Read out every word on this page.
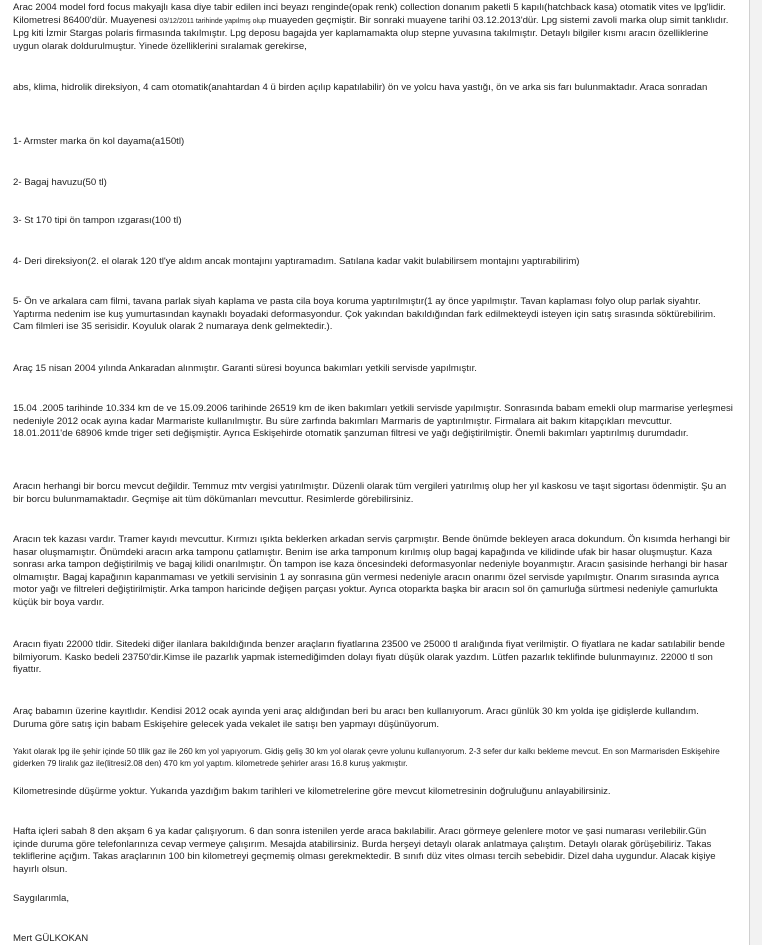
Arac 2004 model ford focus makyajlı kasa diye tabir edilen inci beyazı renginde(opak renk) collection donanım paketli 5 kapılı(hatchback kasa) otomatik vites ve lpg'lidir. Kilometresi 86400'dür. Muayenesi 03/12/2011 tarihinde yapılmış olup muayeden geçmiştir. Bir sonraki muayene tarihi 03.12.2013'dür. Lpg sistemi zavoli marka olup simit tanklıdır. Lpg kiti İzmir Stargas polaris firmasında takılmıştır. Lpg deposu bagajda yer kaplamamakta olup stepne yuvasına takılmıştır. Detaylı bilgiler kısmı aracın özelliklerine uygun olarak doldurulmuştur. Yinede özelliklerini sıralamak gerekirse,

abs, klima, hidrolik direksiyon, 4 cam otomatik(anahtardan 4 ü birden açılıp kapatılabilir) ön ve yolcu hava yastığı, ön ve arka sis farı bulunmaktadır. Araca sonradan

1- Armster marka ön kol dayama(a150tl)

2- Bagaj havuzu(50 tl)

3- St 170 tipi ön tampon ızgarası(100 tl)

4- Deri direksiyon(2. el olarak 120 tl'ye aldım ancak montajını yaptıramadım. Satılana kadar vakit bulabilirsem montajını yaptırabilirim)

5- Ön ve arkalara cam filmi, tavana parlak siyah kaplama ve pasta cila boya koruma yaptırılmıştır(1 ay önce yapılmıştır. Tavan kaplaması folyo olup parlak siyahtır. Yaptırma nedenim ise kuş yumurtasından kaynaklı boyadaki deformasyondur. Çok yakından bakıldığından fark edilmekteydi isteyen için satış sırasında söktürebilirim. Cam filmleri ise 35 serisidir. Koyuluk olarak 2 numaraya denk gelmektedir.).

Araç 15 nisan 2004 yılında Ankaradan alınmıştır. Garanti süresi boyunca bakımları yetkili servisde yapılmıştır.

15.04 .2005 tarihinde 10.334 km de ve 15.09.2006 tarihinde 26519 km de iken bakımları yetkili servisde yapılmıştır. Sonrasında babam emekli olup marmarise yerleşmesi nedeniyle 2012 ocak ayına kadar Marmariste kullanılmıştır. Bu süre zarfında bakımları Marmaris de yaptırılmıştır. Firmalara ait bakım kitapçıkları mevcuttur. 18.01.2011'de 68906 kmde triger seti değişmiştir. Ayrıca Eskişehirde otomatik şanzuman filtresi ve yağı değiştirilmiştir. Önemli bakımları yaptırılmış durumdadır.

Aracın herhangi bir borcu mevcut değildir. Temmuz mtv vergisi yatırılmıştır. Düzenli olarak tüm vergileri yatırılmış olup her yıl kaskosu ve taşıt sigortası ödenmiştir. Şu an bir borcu bulunmamaktadır. Geçmişe ait tüm dökümanları mevcuttur. Resimlerde görebilirsiniz.

Aracın tek kazası vardır. Tramer kayıdı mevcuttur. Kırmızı ışıkta beklerken arkadan servis çarpmıştır. Bende önümde bekleyen araca dokundum. Ön kısımda herhangi bir hasar oluşmamıştır. Önümdeki aracın arka tamponu çatlamıştır. Benim ise arka tamponum kırılmış olup bagaj kapağında ve kilidinde ufak bir hasar oluşmuştur. Kaza sonrası arka tampon değiştirilmiş ve bagaj kilidi onarılmıştır. Ön tampon ise kaza öncesindeki deformasyonlar nedeniyle boyanmıştır. Aracın şasisinde herhangi bir hasar olmamıştır. Bagaj kapağının kapanmaması ve yetkili servisinin 1 ay sonrasına gün vermesi nedeniyle aracın onarımı özel servisde yapılmıştır. Onarım sırasında ayrıca motor yağı ve filtreleri değiştirilmiştir. Arka tampon haricinde değişen parçası yoktur. Ayrıca otoparkta başka bir aracın sol ön çamurluğa sürtmesi nedeniyle çamurlukta küçük bir boya vardır.

Aracın fiyatı 22000 tldir. Sitedeki diğer ilanlara bakıldığında benzer araçların fiyatlarına 23500 ve 25000 tl aralığında fiyat verilmiştir. O fiyatlara ne kadar satılabilir bende bilmiyorum. Kasko bedeli 23750'dir.Kimse ile pazarlık yapmak istemediğimden dolayı fiyatı düşük olarak yazdım. Lütfen pazarlık teklifinde bulunmayınız. 22000 tl son fiyattır.

Araç babamın üzerine kayıtlıdır. Kendisi 2012 ocak ayında yeni araç aldığından beri bu aracı ben kullanıyorum. Aracı günlük 30 km yolda işe gidişlerde kullandım. Duruma göre satış için babam Eskişehire gelecek yada vekalet ile satışı ben yapmayı düşünüyorum.

Yakıt olarak lpg ile şehir içinde 50 tllik gaz ile 260 km yol yapıyorum. Gidiş geliş 30 km yol olarak çevre yolunu kullanıyorum. 2-3 sefer dur kalkı bekleme mevcut. En son Marmarisden Eskişehire giderken 79 liralık gaz ile(litresi2.08 den) 470 km yol yaptım. kilometrede şehirler arası 16.8 kuruş yakmıştır.

Kilometresinde düşürme yoktur. Yukarıda yazdığım bakım tarihleri ve kilometrelerine göre mevcut kilometresinin doğruluğunu anlayabilirsiniz.

Hafta içleri sabah 8 den akşam 6 ya kadar çalışıyorum. 6 dan sonra istenilen yerde araca bakılabilir. Aracı görmeye gelenlere motor ve şasi numarası verilebilir.Gün içinde duruma göre telefonlarınıza cevap vermeye çalışırım. Mesajda atabilirsiniz. Burda herşeyi detaylı olarak anlatmaya çalıştım. Detaylı olarak görüşebiliriz. Takas tekliflerine açığım. Takas araçlarının 100 bin kilometreyi geçmemiş olması gerekmektedir. B sınıfı düz vites olması tercih sebebidir. Dizel daha uygundur. Alacak kişiye hayırlı olsun.

Saygılarımla,

Mert GÜLKOKAN
